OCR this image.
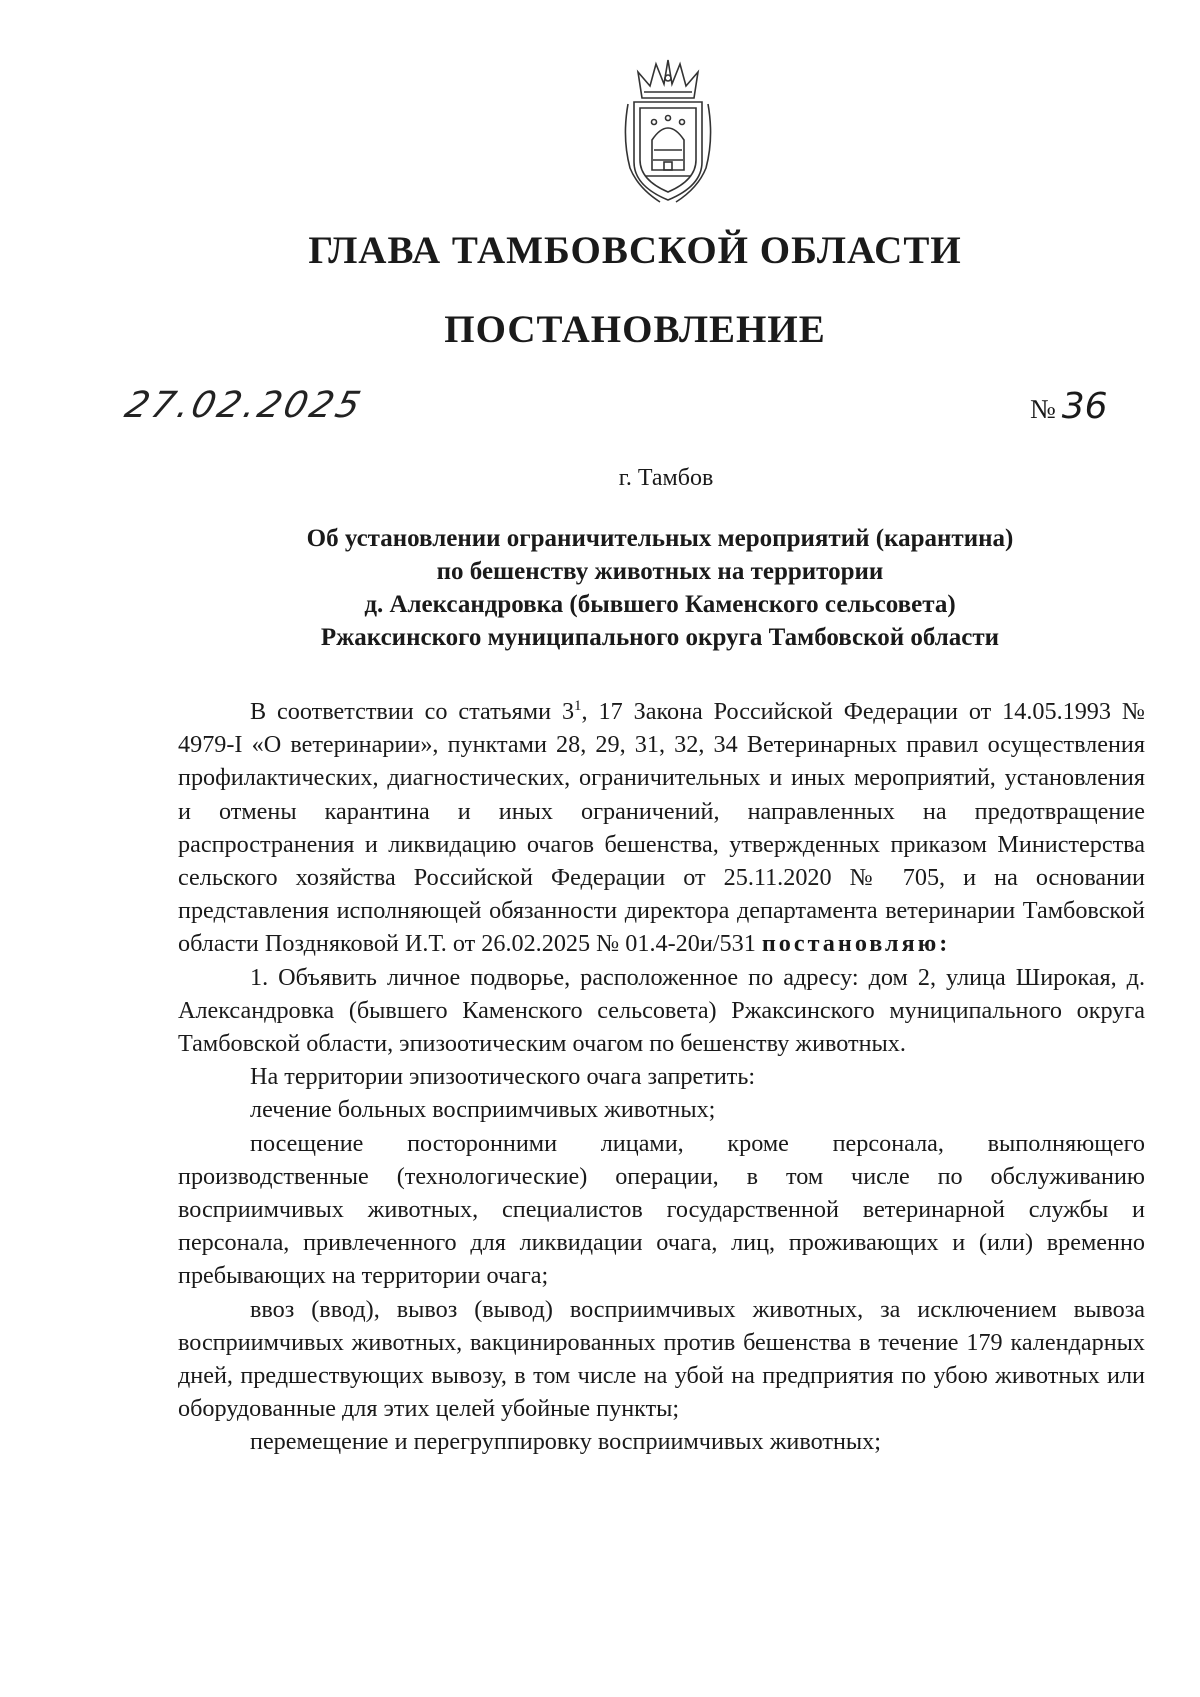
ГЛАВА ТАМБОВСКОЙ ОБЛАСТИ
ПОСТАНОВЛЕНИЕ
27.02.2025	№ 36
г. Тамбов
Об установлении ограничительных мероприятий (карантина)
по бешенству животных на территории
д. Александровка (бывшего Каменского сельсовета)
Ржаксинского муниципального округа Тамбовской области

В соответствии со статьями $3^1$, 17 Закона Российской Федерации от 14.05.1993 № 4979-I «О ветеринарии», пунктами 28, 29, 31, 32, 34 Ветеринарных правил осуществления профилактических, диагностических, ограничительных и иных мероприятий, установления и отмены карантина и иных ограничений, направленных на предотвращение распространения и ликвидацию очагов бешенства, утвержденных приказом Министерства сельского хозяйства Российской Федерации от 25.11.2020 № 705, и на основании представления исполняющей обязанности директора департамента ветеринарии Тамбовской области Поздняковой И.Т. от 26.02.2025 № 01.4-20и/531 постановляю:

1. Объявить личное подворье, расположенное по адресу: дом 2, улица Широкая, д. Александровка (бывшего Каменского сельсовета) Ржаксинского муниципального округа Тамбовской области, эпизоотическим очагом по бешенству животных.

На территории эпизоотического очага запретить:

лечение больных восприимчивых животных;

посещение посторонними лицами, кроме персонала, выполняющего производственные (технологические) операции, в том числе по обслуживанию восприимчивых животных, специалистов государственной ветеринарной службы и персонала, привлеченного для ликвидации очага, лиц, проживающих и (или) временно пребывающих на территории очага;

ввоз (ввод), вывоз (вывод) восприимчивых животных, за исключением вывоза восприимчивых животных, вакцинированных против бешенства в течение 179 календарных дней, предшествующих вывозу, в том числе на убой на предприятия по убою животных или оборудованные для этих целей убойные пункты;

перемещение и перегруппировку восприимчивых животных;
